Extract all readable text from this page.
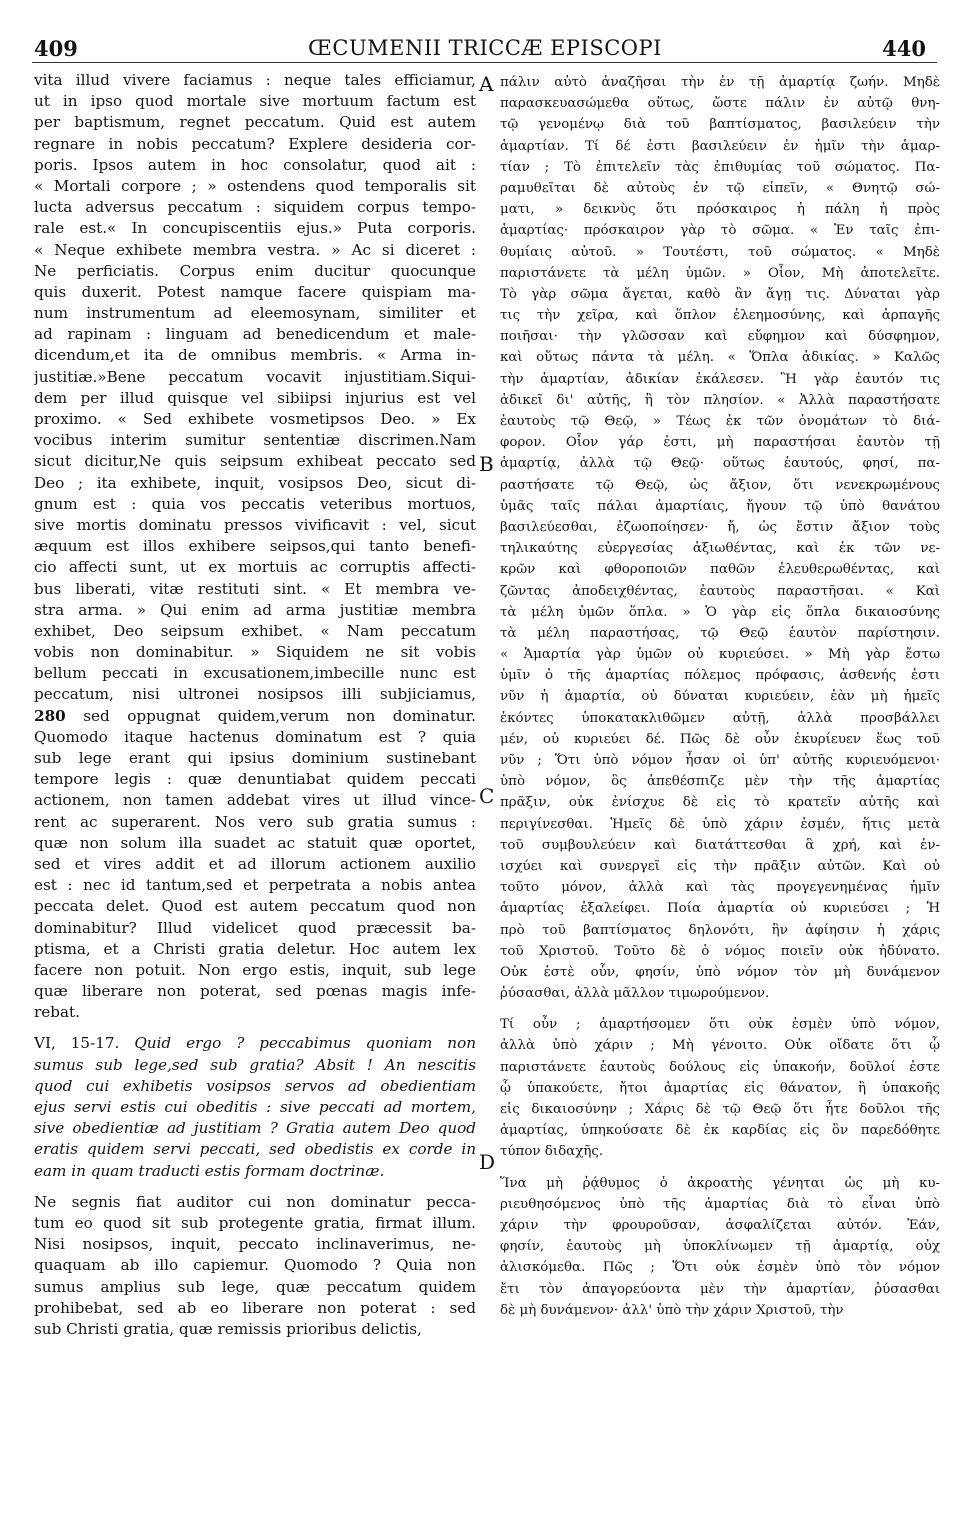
409	ŒCUMENII TRICCÆ EPISCOPI	440
vita illud vivere faciamus : neque tales efficiamur,
ut in ipso quod mortale sive mortuum factum est
per baptismum, regnet peccatum. Quid est autem
regnare in nobis peccatum? Explere desideria cor-
poris. Ipsos autem in hoc consolatur, quod ait :
« Mortali corpore ; » ostendens quod temporalis sit
lucta adversus peccatum : siquidem corpus tempo-
rale est.« In concupiscentiis ejus.» Puta corporis.
« Neque exhibete membra vestra. » Ac si diceret :
Ne perficiatis. Corpus enim ducitur quocunque
quis duxerit. Potest namque facere quispiam ma-
num instrumentum ad eleemosynam, similiter et
ad rapinam : linguam ad benedicendum et male-
dicendum,et ita de omnibus membris. « Arma in-
justitiæ.»Bene peccatum vocavit injustitiam.Siqui-
dem per illud quisque vel sibiipsi injurius est vel
proximo. « Sed exhibete vosmetipsos Deo. » Ex
vocibus interim sumitur sententiæ discrimen.Nam
sicut dicitur,Ne quis seipsum exhibeat peccato sed
Deo ; ita exhibete, inquit, vosipsos Deo, sicut di-
gnum est : quia vos peccatis veteribus mortuos,
sive mortis dominatu pressos vivificavit : vel, sicut
æquum est illos exhibere seipsos,qui tanto benefi-
cio affecti sunt, ut ex mortuis ac corruptis affecti-
bus liberati, vitæ restituti sint. « Et membra ve-
stra arma. » Qui enim ad arma justitiæ membra
exhibet, Deo seipsum exhibet. « Nam peccatum
vobis non dominabitur. » Siquidem ne sit vobis
bellum peccati in excusationem,imbecille nunc est
peccatum, nisi ultronei nosipsos illi subjiciamus,
280 sed oppugnat quidem,verum non dominatur.
Quomodo itaque hactenus dominatum est ? quia
sub lege erant qui ipsius dominium sustinebant
tempore legis : quæ denuntiabat quidem peccati
actionem, non tamen addebat vires ut illud vince-
rent ac superarent. Nos vero sub gratia sumus :
quæ non solum illa suadet ac statuit quæ oportet,
sed et vires addit et ad illorum actionem auxilio
est : nec id tantum,sed et perpetrata a nobis antea
peccata delet. Quod est autem peccatum quod non
dominabitur? Illud videlicet quod præcessit ba-
ptisma, et a Christi gratia deletur. Hoc autem lex
facere non potuit. Non ergo estis, inquit, sub lege
quæ liberare non poterat, sed pœnas magis infe-
rebat.
VI, 15-17. Quid ergo ? peccabimus quoniam non
sumus sub lege,sed sub gratia? Absit ! An nescitis
quod cui exhibetis vosipsos servos ad obedientiam
ejus servi estis cui obeditis : sive peccati ad mortem,
sive obedientiæ ad justitiam ? Gratia autem Deo quod
eratis quidem servi peccati, sed obedistis ex corde in
eam in quam traducti estis formam doctrinæ.
Ne segnis fiat auditor cui non dominatur pecca-
tum eo quod sit sub protegente gratia, firmat illum.
Nisi nosipsos, inquit, peccato inclinaverimus, ne-
quaquam ab illo capiemur. Quomodo ? Quia non
sumus amplius sub lege, quæ peccatum quidem
prohibebat, sed ab eo liberare non poterat : sed
sub Christi gratia, quæ remissis prioribus delictis,
πάλιν αὐτὸ ἀναζῆσαι τὴν ἐν τῇ ἁμαρτίᾳ ζωήν. Μηδὲ
παρασκευασώμεθα οὕτως, ὥστε πάλιν ἐν αὐτῷ θνη-
τῷ γενομένῳ διὰ τοῦ βαπτίσματος, βασιλεύειν τὴν
ἁμαρτίαν. Τί δέ ἐστι βασιλεύειν ἐν ἡμῖν τὴν ἁμαρ-
τίαν ; Τὸ ἐπιτελεῖν τὰς ἐπιθυμίας τοῦ σώματος. Πα-
ραμυθεῖται δὲ αὐτοὺς ἐν τῷ εἰπεῖν, « Θνητῷ σώ-
ματι, » δεικνὺς ὅτι πρόσκαιρος ἡ πάλη ἡ πρὸς
ἁμαρτίας· πρόσκαιρον γὰρ τὸ σῶμα. « Ἐν ταῖς ἐπι-
θυμίαις αὐτοῦ. » Τουτέστι, τοῦ σώματος. « Μηδὲ
παριστάνετε τὰ μέλη ὑμῶν. » Οἷον, Μὴ ἀποτελεῖτε.
Τὸ γὰρ σῶμα ἄγεται, καθὸ ἂν ἄγῃ τις. Δύναται γὰρ
τις τὴν χεῖρα, καὶ ὅπλον ἐλεημοσύνης, καὶ ἁρπαγῆς
ποιῆσαι· τὴν γλῶσσαν καὶ εὔφημον καὶ δύσφημον,
καὶ οὕτως πάντα τὰ μέλη. « Ὅπλα ἀδικίας. » Καλῶς
τὴν ἁμαρτίαν, ἀδικίαν ἐκάλεσεν. Ἢ γὰρ ἑαυτόν τις
ἀδικεῖ δι' αὐτῆς, ἢ τὸν πλησίον. « Ἀλλὰ παραστήσατε
ἑαυτοὺς τῷ Θεῷ, » Τέως ἐκ τῶν ὀνομάτων τὸ διά-
φορον. Οἷον γάρ ἐστι, μὴ παραστήσαι ἑαυτὸν τῇ
ἁμαρτίᾳ, ἀλλὰ τῷ Θεῷ· οὕτως ἑαυτούς, φησί, πα-
ραστήσατε τῷ Θεῷ, ὡς ἄξιον, ὅτι νενεκρωμένους
ὑμᾶς ταῖς πάλαι ἁμαρτίαις, ἤγουν τῷ ὑπὸ θανάτου
βασιλεύεσθαι, ἐζωοποίησεν· ἤ, ὡς ἔστιν ἄξιον τοὺς
τηλικαύτης εὐεργεσίας ἀξιωθέντας, καὶ ἐκ τῶν νε-
κρῶν καὶ φθοροποιῶν παθῶν ἐλευθερωθέντας, καὶ
ζῶντας ἀποδειχθέντας, ἑαυτοὺς παραστῆσαι. « Καὶ
τὰ μέλη ὑμῶν ὅπλα. » Ὁ γὰρ εἰς ὅπλα δικαιοσύνης
τὰ μέλη παραστήσας, τῷ Θεῷ ἑαυτὸν παρίστησιν.
« Ἁμαρτία γὰρ ὑμῶν οὐ κυριεύσει. » Μὴ γὰρ ἔστω
ὑμῖν ὁ τῆς ἁμαρτίας πόλεμος πρόφασις, ἀσθενής ἐστι
νῦν ἡ ἁμαρτία, οὐ δύναται κυριεύειν, ἐὰν μὴ ἡμεῖς
ἑκόντες ὑποκατακλιθῶμεν αὐτῇ, ἀλλὰ προσβάλλει
μέν, οὐ κυριεύει δέ. Πῶς δὲ οὖν ἐκυρίευεν ἕως τοῦ
νῦν ; Ὅτι ὑπὸ νόμον ἦσαν οἱ ὑπ' αὐτῆς κυριευόμενοι·
ὑπὸ νόμον, ὃς ἀπεθέσπιζε μὲν τὴν τῆς ἁμαρτίας
πρᾶξιν, οὐκ ἐνίσχυε δὲ εἰς τὸ κρατεῖν αὐτῆς καὶ
περιγίνεσθαι. Ἡμεῖς δὲ ὑπὸ χάριν ἐσμέν, ἥτις μετὰ
τοῦ συμβουλεύειν καὶ διατάττεσθαι ἃ χρή, καὶ ἐν-
ισχύει καὶ συνεργεῖ εἰς τὴν πρᾶξιν αὐτῶν. Καὶ οὐ
τοῦτο μόνον, ἀλλὰ καὶ τὰς προγεγενημένας ἡμῖν
ἁμαρτίας ἐξαλείφει. Ποία ἁμαρτία οὐ κυριεύσει ; Ἡ
πρὸ τοῦ βαπτίσματος δηλονότι, ἣν ἀφίησιν ἡ χάρις
τοῦ Χριστοῦ. Τοῦτο δὲ ὁ νόμος ποιεῖν οὐκ ἠδύνατο.
Οὐκ ἐστὲ οὖν, φησίν, ὑπὸ νόμον τὸν μὴ δυνάμενον
ῥύσασθαι, ἀλλὰ μᾶλλον τιμωρούμενον.
Τί οὖν ; ἁμαρτήσομεν ὅτι οὐκ ἐσμὲν ὑπὸ νόμον,
ἀλλὰ ὑπὸ χάριν ; Μὴ γένοιτο. Οὐκ οἴδατε ὅτι ᾧ
παριστάνετε ἑαυτοὺς δούλους εἰς ὑπακοήν, δοῦλοί ἐστε
ᾧ ὑπακούετε, ἤτοι ἁμαρτίας εἰς θάνατον, ἢ ὑπακοῆς
εἰς δικαιοσύνην ; Χάρις δὲ τῷ Θεῷ ὅτι ἦτε δοῦλοι τῆς
ἁμαρτίας, ὑπηκούσατε δὲ ἐκ καρδίας εἰς ὃν παρεδόθητε
τύπον διδαχῆς.
Ἵνα μὴ ῥᾴθυμος ὁ ἀκροατὴς γένηται ὡς μὴ κυ-
ριευθησόμενος ὑπὸ τῆς ἁμαρτίας διὰ τὸ εἶναι ὑπὸ
χάριν τὴν φρουροῦσαν, ἀσφαλίζεται αὐτόν. Ἐάν,
φησίν, ἑαυτοὺς μὴ ὑποκλίνωμεν τῇ ἁμαρτίᾳ, οὐχ
ἁλισκόμεθα. Πῶς ; Ὅτι οὐκ ἐσμὲν ὑπὸ τὸν νόμον
ἔτι τὸν ἀπαγορεύοντα μὲν τὴν ἁμαρτίαν, ῥύσασθαι
δὲ μὴ δυνάμενον· ἀλλ' ὑπὸ τὴν χάριν Χριστοῦ, τὴν
A
B
C
D
